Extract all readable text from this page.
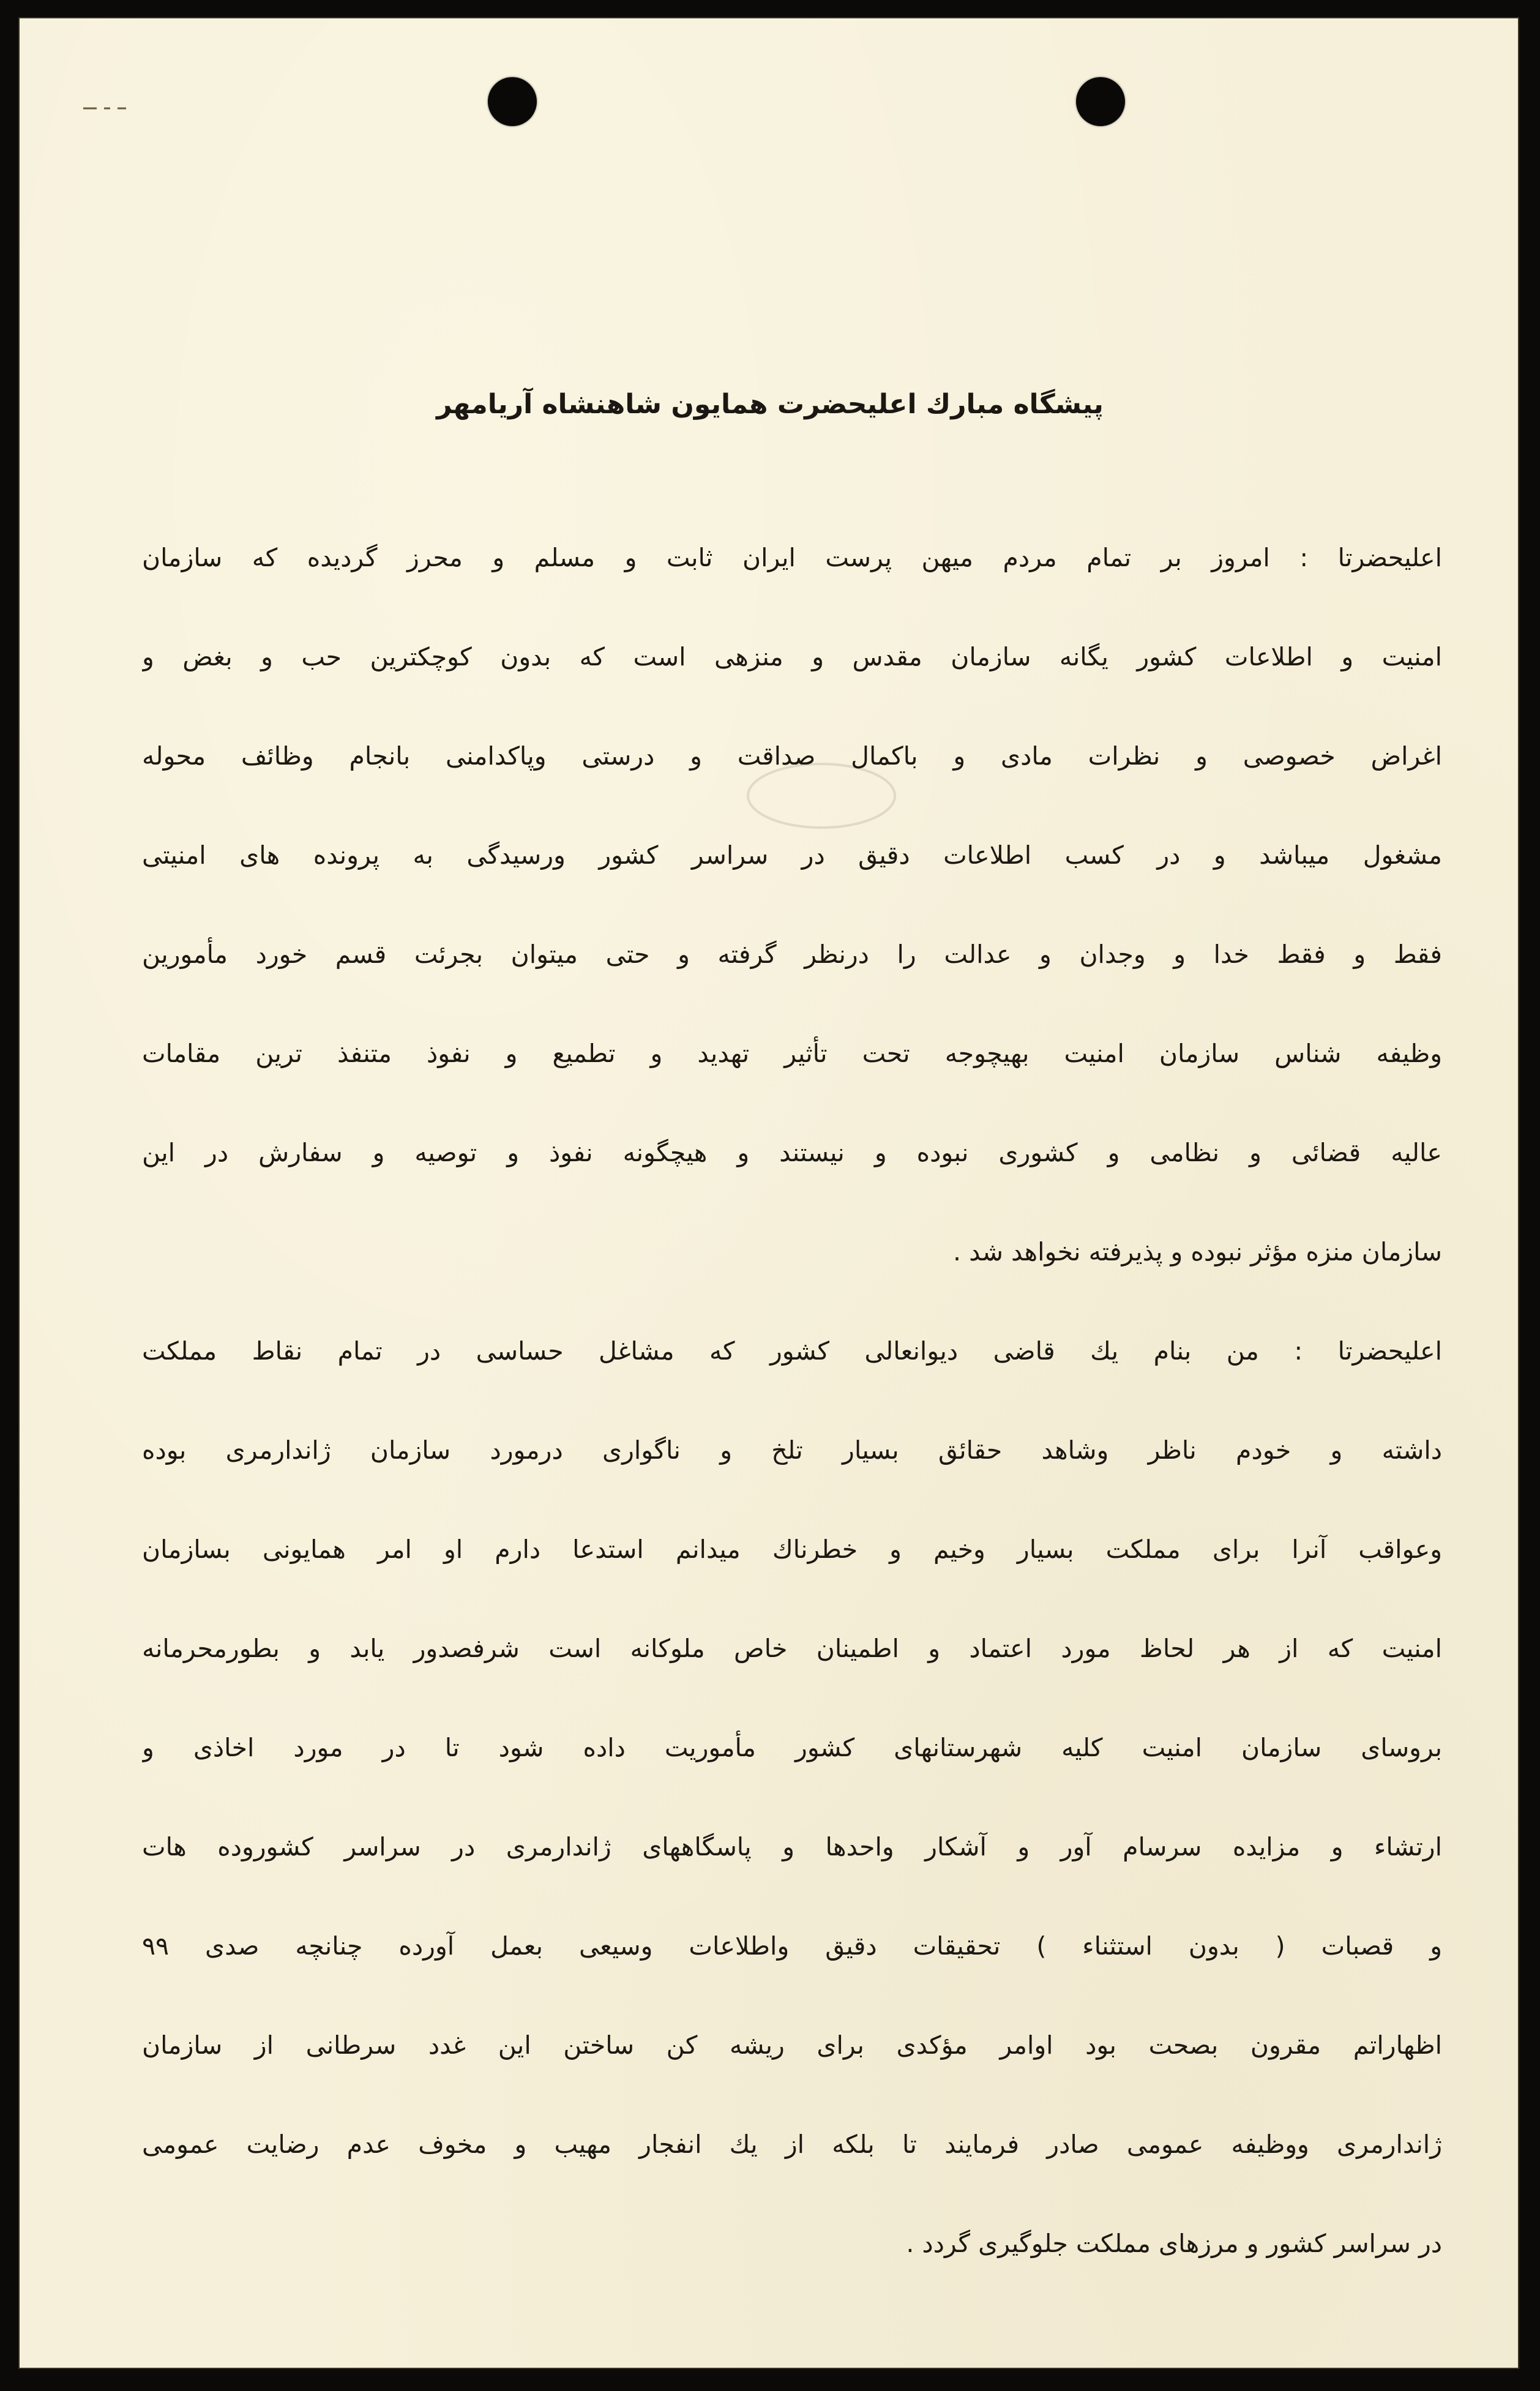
پیشگاه مبارك اعلیحضرت همایون شاهنشاه آریامهر
اعلیحضرتا : امروز بر تمام مردم میهن پرست ایران ثابت و مسلم و محرز گردیده که سازمان
امنیت و اطلاعات کشور یگانه سازمان مقدس و منزهی است که بدون کوچکترین حب و بغض و
اغراض خصوصی و نظرات مادی و باکمال صداقت و درستی وپاکدامنی بانجام وظائف محوله
مشغول میباشد و در کسب اطلاعات دقیق در سراسر کشور ورسیدگی به پرونده های امنیتی
فقط و فقط خدا و وجدان و عدالت را درنظر گرفته و حتی میتوان بجرئت قسم خورد مأمورین
وظیفه شناس سازمان امنیت بهیچوجه تحت تأثیر تهدید و تطمیع و نفوذ متنفذ ترین مقامات
عالیه قضائی و نظامی و کشوری نبوده و نیستند و هیچگونه نفوذ و توصیه و سفارش در این
سازمان منزه مؤثر نبوده و پذیرفته نخواهد شد .
اعلیحضرتا : من بنام یك قاضی دیوانعالی کشور که مشاغل حساسی در تمام نقاط مملکت
داشته و خودم ناظر وشاهد حقائق بسیار تلخ و ناگواری درمورد سازمان ژاندارمری بوده
وعواقب آنرا برای مملکت بسیار وخیم و خطرناك میدانم استدعا دارم او امر همایونی بسازمان
امنیت که از هر لحاظ مورد اعتماد و اطمینان خاص ملوکانه است شرفصدور یابد و بطورمحرمانه
بروسای سازمان امنیت کلیه شهرستانهای کشور مأموریت داده شود تا در مورد اخاذی و
ارتشاء و مزایده سرسام آور و آشکار واحدها و پاسگاههای ژاندارمری در سراسر کشوروده هات
و قصبات ( بدون استثناء ) تحقیقات دقیق واطلاعات وسیعی بعمل آورده چنانچه صدی ۹۹
اظهاراتم مقرون بصحت بود اوامر مؤکدی برای ریشه کن ساختن این غدد سرطانی از سازمان
ژاندارمری ووظیفه عمومی صادر فرمایند تا بلکه از یك انفجار مهیب و مخوف عدم رضایت عمومی
در سراسر کشور و مرزهای مملکت جلوگیری گردد .
